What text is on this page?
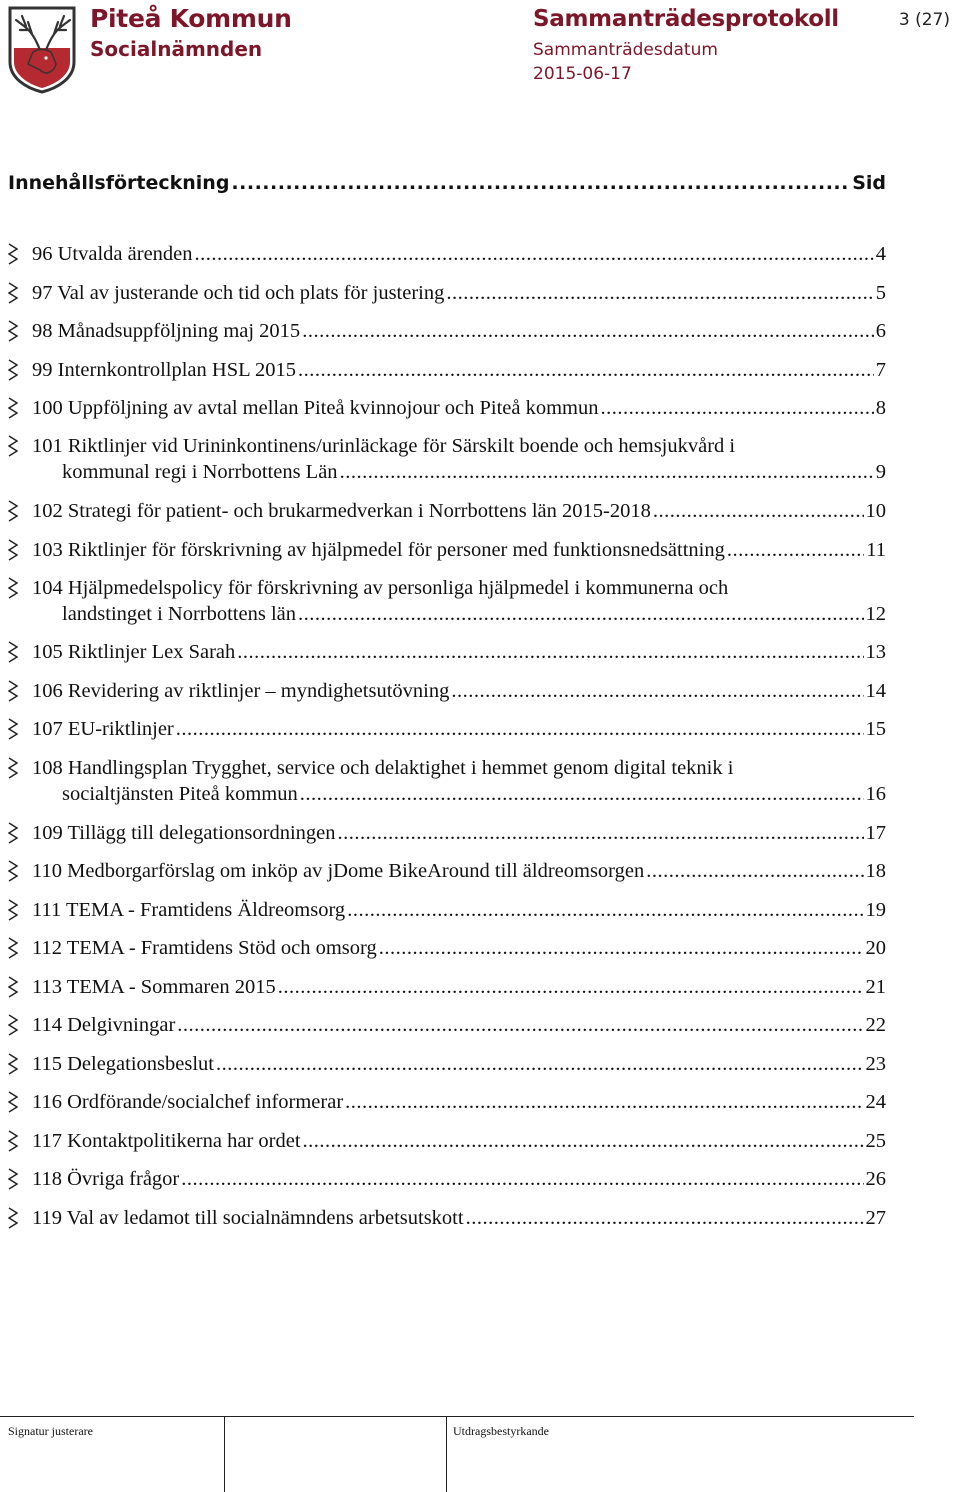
Piteå Kommun
Socialnämnden
Sammanträdesprotokoll	3 (27)
Sammanträdesdatum
2015-06-17
Innehållsförteckning .....	Sid
96 Utvalda ärenden .....	4
97 Val av justerande och tid och plats för justering .....	5
98 Månadsuppföljning maj 2015 .....	6
99 Internkontrollplan HSL 2015 .....	7
100 Uppföljning av avtal mellan Piteå kvinnojour och Piteå kommun .....	8
101 Riktlinjer vid Urininkontinens/urinläckage för Särskilt boende och hemsjukvård i
kommunal regi i Norrbottens Län .....	9
102 Strategi för patient- och brukarmedverkan i Norrbottens län 2015-2018 .....	10
103 Riktlinjer för förskrivning av hjälpmedel för personer med funktionsnedsättning .....	11
104 Hjälpmedelspolicy för förskrivning av personliga hjälpmedel i kommunerna och
landstinget i Norrbottens län .....	12
105 Riktlinjer Lex Sarah .....	13
106 Revidering av riktlinjer – myndighetsutövning .....	14
107 EU-riktlinjer .....	15
108 Handlingsplan Trygghet, service och delaktighet i hemmet genom digital teknik i
socialtjänsten Piteå kommun .....	16
109 Tillägg till delegationsordningen .....	17
110 Medborgarförslag om inköp av jDome BikeAround till äldreomsorgen .....	18
111 TEMA - Framtidens Äldreomsorg .....	19
112 TEMA - Framtidens Stöd och omsorg .....	20
113 TEMA - Sommaren 2015 .....	21
114 Delgivningar .....	22
115 Delegationsbeslut .....	23
116 Ordförande/socialchef informerar .....	24
117 Kontaktpolitikerna har ordet .....	25
118 Övriga frågor .....	26
119 Val av ledamot till socialnämndens arbetsutskott .....	27
Signatur justerare	Utdragsbestyrkande
